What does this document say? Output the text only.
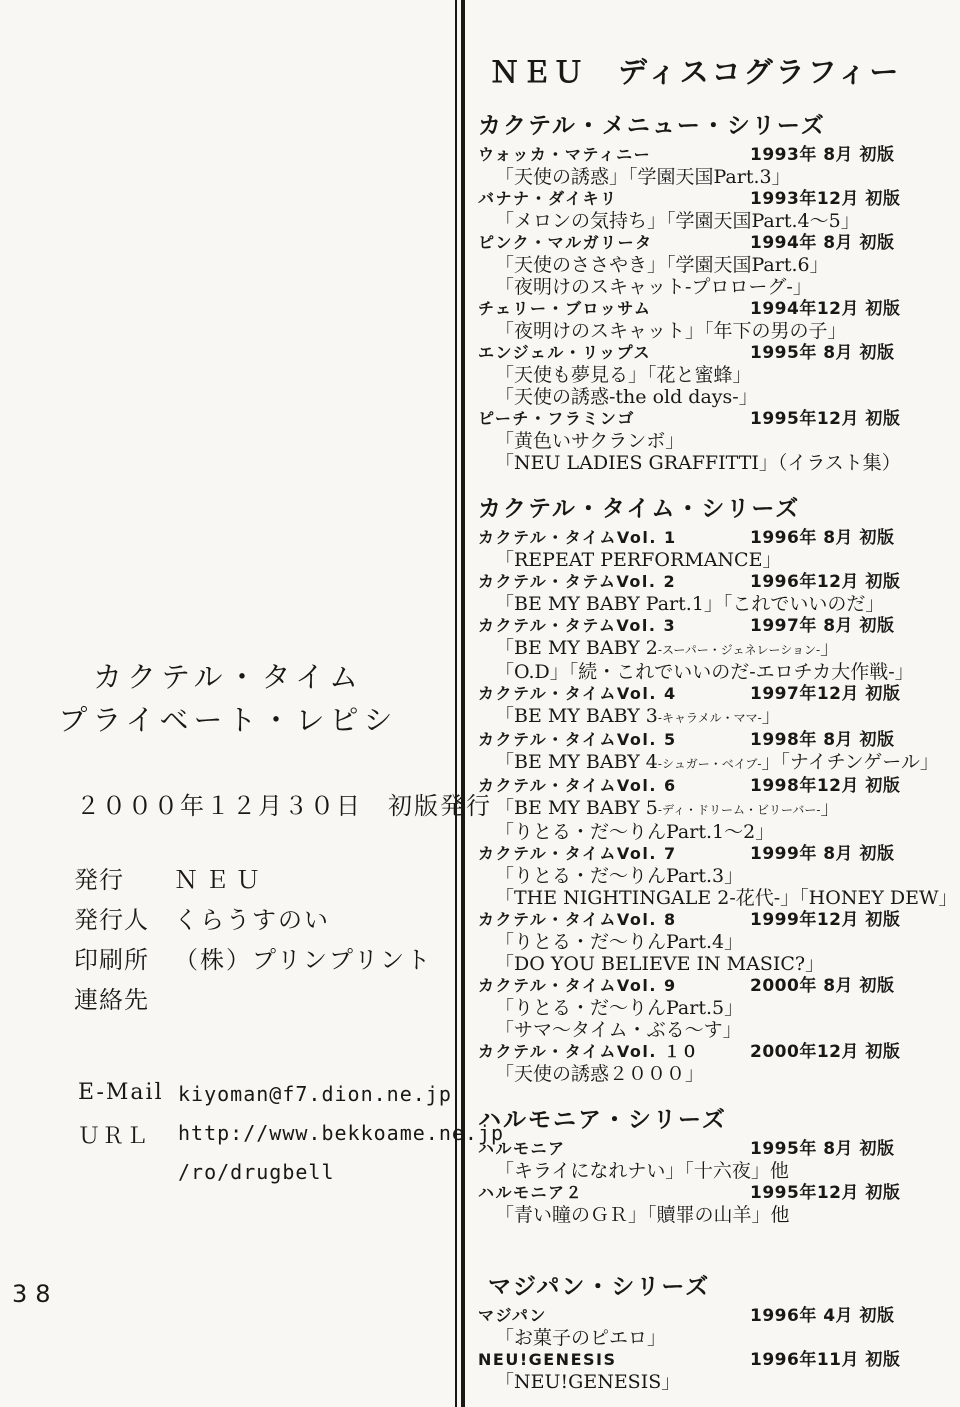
カクテル・タイム
プライベート・レピシ
２０００年１２月３０日　初版発行
発行	ＮＥＵ
発行人	くらうすのい
印刷所	（株）プリンプリント
連絡先
E-Mail kiyoman@f7.dion.ne.jp
ＵＲＬ	http://www.bekkoame.ne.jp
/ro/drugbell
38
ＮＥＵ　ディスコグラフィー
カクテル・メニュー・シリーズ
ウォッカ・マティニー	1993年 8月 初版
「天使の誘惑」「学園天国Part.3」
バナナ・ダイキリ	1993年12月 初版
「メロンの気持ち」「学園天国Part.4〜5」
ピンク・マルガリータ	1994年 8月 初版
「天使のささやき」「学園天国Part.6」
「夜明けのスキャット-プロローグ-」
チェリー・ブロッサム	1994年12月 初版
「夜明けのスキャット」「年下の男の子」
エンジェル・リップス	1995年 8月 初版
「天使も夢見る」「花と蜜蜂」
「天使の誘惑-the old days-」
ピーチ・フラミンゴ	1995年12月 初版
「黄色いサクランボ」
「NEU LADIES GRAFFITTI」（イラスト集）
カクテル・タイム・シリーズ
カクテル・タイムVol. 1	1996年 8月 初版
「REPEAT PERFORMANCE」
カクテル・タテムVol. 2	1996年12月 初版
「BE MY BABY Part.1」「これでいいのだ」
カクテル・タテムVol. 3	1997年 8月 初版
「BE MY BABY 2-スーパー・ジェネレーション-」
「O.D」「続・これでいいのだ-エロチカ大作戦-」
カクテル・タイムVol. 4	1997年12月 初版
「BE MY BABY 3-キャラメル・ママ-」
カクテル・タイムVol. 5	1998年 8月 初版
「BE MY BABY 4-シュガー・ベイブ-」「ナイチンゲール」
カクテル・タイムVol. 6	1998年12月 初版
「BE MY BABY 5-ディ・ドリーム・ビリーバー-」
「りとる・だ〜りんPart.1〜2」
カクテル・タイムVol. 7	1999年 8月 初版
「りとる・だ〜りんPart.3」
「THE NIGHTINGALE 2-花代-」「HONEY DEW」
カクテル・タイムVol. 8	1999年12月 初版
「りとる・だ〜りんPart.4」
「DO YOU BELIEVE IN MASIC?」
カクテル・タイムVol. 9	2000年 8月 初版
「りとる・だ〜りんPart.5」
「サマ〜タイム・ぶる〜す」
カクテル・タイムVol. １０	2000年12月 初版
「天使の誘惑２０００」
ハルモニア・シリーズ
ハルモニア	1995年 8月 初版
「キライになれナい」「十六夜」他
ハルモニア２	1995年12月 初版
「青い瞳のＧＲ」「贖罪の山羊」他
マジパン・シリーズ
マジパン	1996年 4月 初版
「お菓子のピエロ」
NEU!GENESIS	1996年11月 初版
「NEU!GENESIS」
